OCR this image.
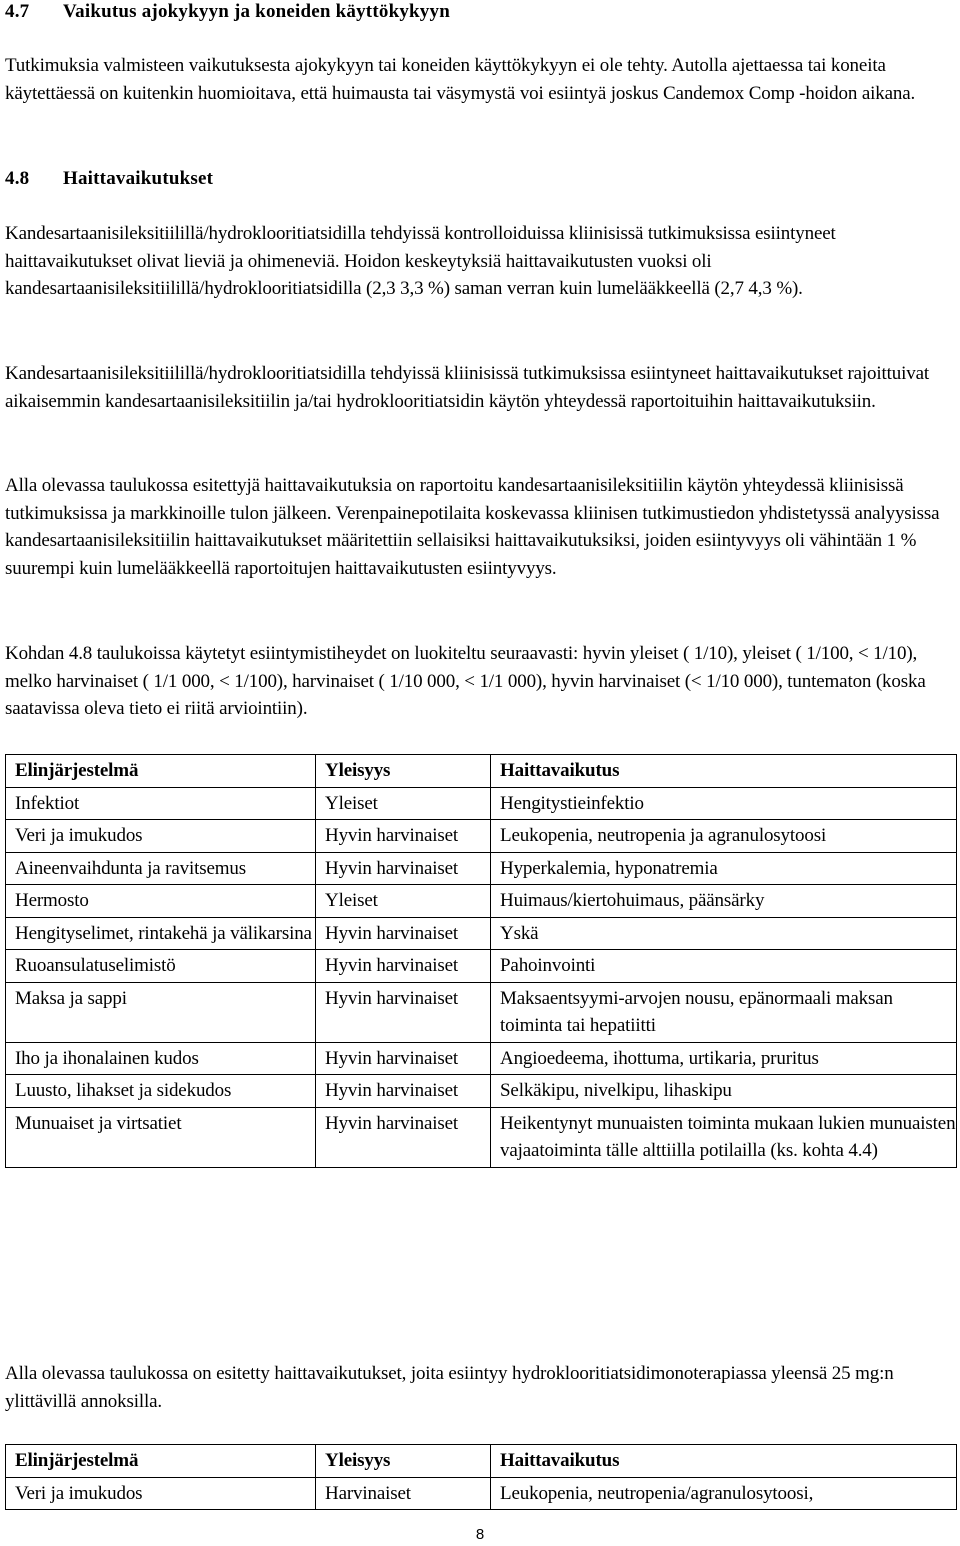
4.7	Vaikutus ajokykyyn ja koneiden käyttökykyyn

Tutkimuksia valmisteen vaikutuksesta ajokykyyn tai koneiden käyttökykyyn ei ole tehty. Autolla ajettaessa tai koneita käytettäessä on kuitenkin huomioitava, että huimausta tai väsymystä voi esiintyä joskus Candemox Comp -hoidon aikana.

4.8	Haittavaikutukset

Kandesartaanisileksitiilillä/hydroklooritiatsidilla tehdyissä kontrolloiduissa kliinisissä tutkimuksissa esiintyneet haittavaikutukset olivat lieviä ja ohimeneviä. Hoidon keskeytyksiä haittavaikutusten vuoksi oli kandesartaanisileksitiilillä/hydroklooritiatsidilla (2,3 3,3 %) saman verran kuin lumelääkkeellä (2,7 4,3 %).

Kandesartaanisileksitiilillä/hydroklooritiatsidilla tehdyissä kliinisissä tutkimuksissa esiintyneet haittavaikutukset rajoittuivat aikaisemmin kandesartaanisileksitiilin ja/tai hydroklooritiatsidin käytön yhteydessä raportoituihin haittavaikutuksiin.

Alla olevassa taulukossa esitettyjä haittavaikutuksia on raportoitu kandesartaanisileksitiilin käytön yhteydessä kliinisissä tutkimuksissa ja markkinoille tulon jälkeen. Verenpainepotilaita koskevassa kliinisen tutkimustiedon yhdistetyssä analyysissa kandesartaanisileksitiilin haittavaikutukset määritettiin sellaisiksi haittavaikutuksiksi, joiden esiintyvyys oli vähintään 1 % suurempi kuin lumelääkkeellä raportoitujen haittavaikutusten esiintyvyys.

Kohdan 4.8 taulukoissa käytetyt esiintymistiheydet on luokiteltu seuraavasti: hyvin yleiset ( 1/10), yleiset ( 1/100, < 1/10), melko harvinaiset ( 1/1 000, < 1/100), harvinaiset ( 1/10 000, < 1/1 000), hyvin harvinaiset (< 1/10 000), tuntematon (koska saatavissa oleva tieto ei riitä arviointiin).

Elinjärjestelmä	Yleisyys	Haittavaikutus
Infektiot	Yleiset	Hengitystieinfektio
Veri ja imukudos	Hyvin harvinaiset	Leukopenia, neutropenia ja agranulosytoosi
Aineenvaihdunta ja ravitsemus	Hyvin harvinaiset	Hyperkalemia, hyponatremia
Hermosto	Yleiset	Huimaus/kiertohuimaus, päänsärky
Hengityselimet, rintakehä ja välikarsina	Hyvin harvinaiset	Yskä
Ruoansulatuselimistö	Hyvin harvinaiset	Pahoinvointi
Maksa ja sappi	Hyvin harvinaiset	Maksaentsyymi-arvojen nousu, epänormaali maksan toiminta tai hepatiitti
Iho ja ihonalainen kudos	Hyvin harvinaiset	Angioedeema, ihottuma, urtikaria, pruritus
Luusto, lihakset ja sidekudos	Hyvin harvinaiset	Selkäkipu, nivelkipu, lihaskipu
Munuaiset ja virtsatiet	Hyvin harvinaiset	Heikentynyt munuaisten toiminta mukaan lukien munuaisten vajaatoiminta tälle alttiilla potilailla (ks. kohta 4.4)

Alla olevassa taulukossa on esitetty haittavaikutukset, joita esiintyy hydroklooritiatsidimonoterapiassa yleensä 25 mg:n ylittävillä annoksilla.

Elinjärjestelmä	Yleisyys	Haittavaikutus
Veri ja imukudos	Harvinaiset	Leukopenia, neutropenia/agranulosytoosi,
8
